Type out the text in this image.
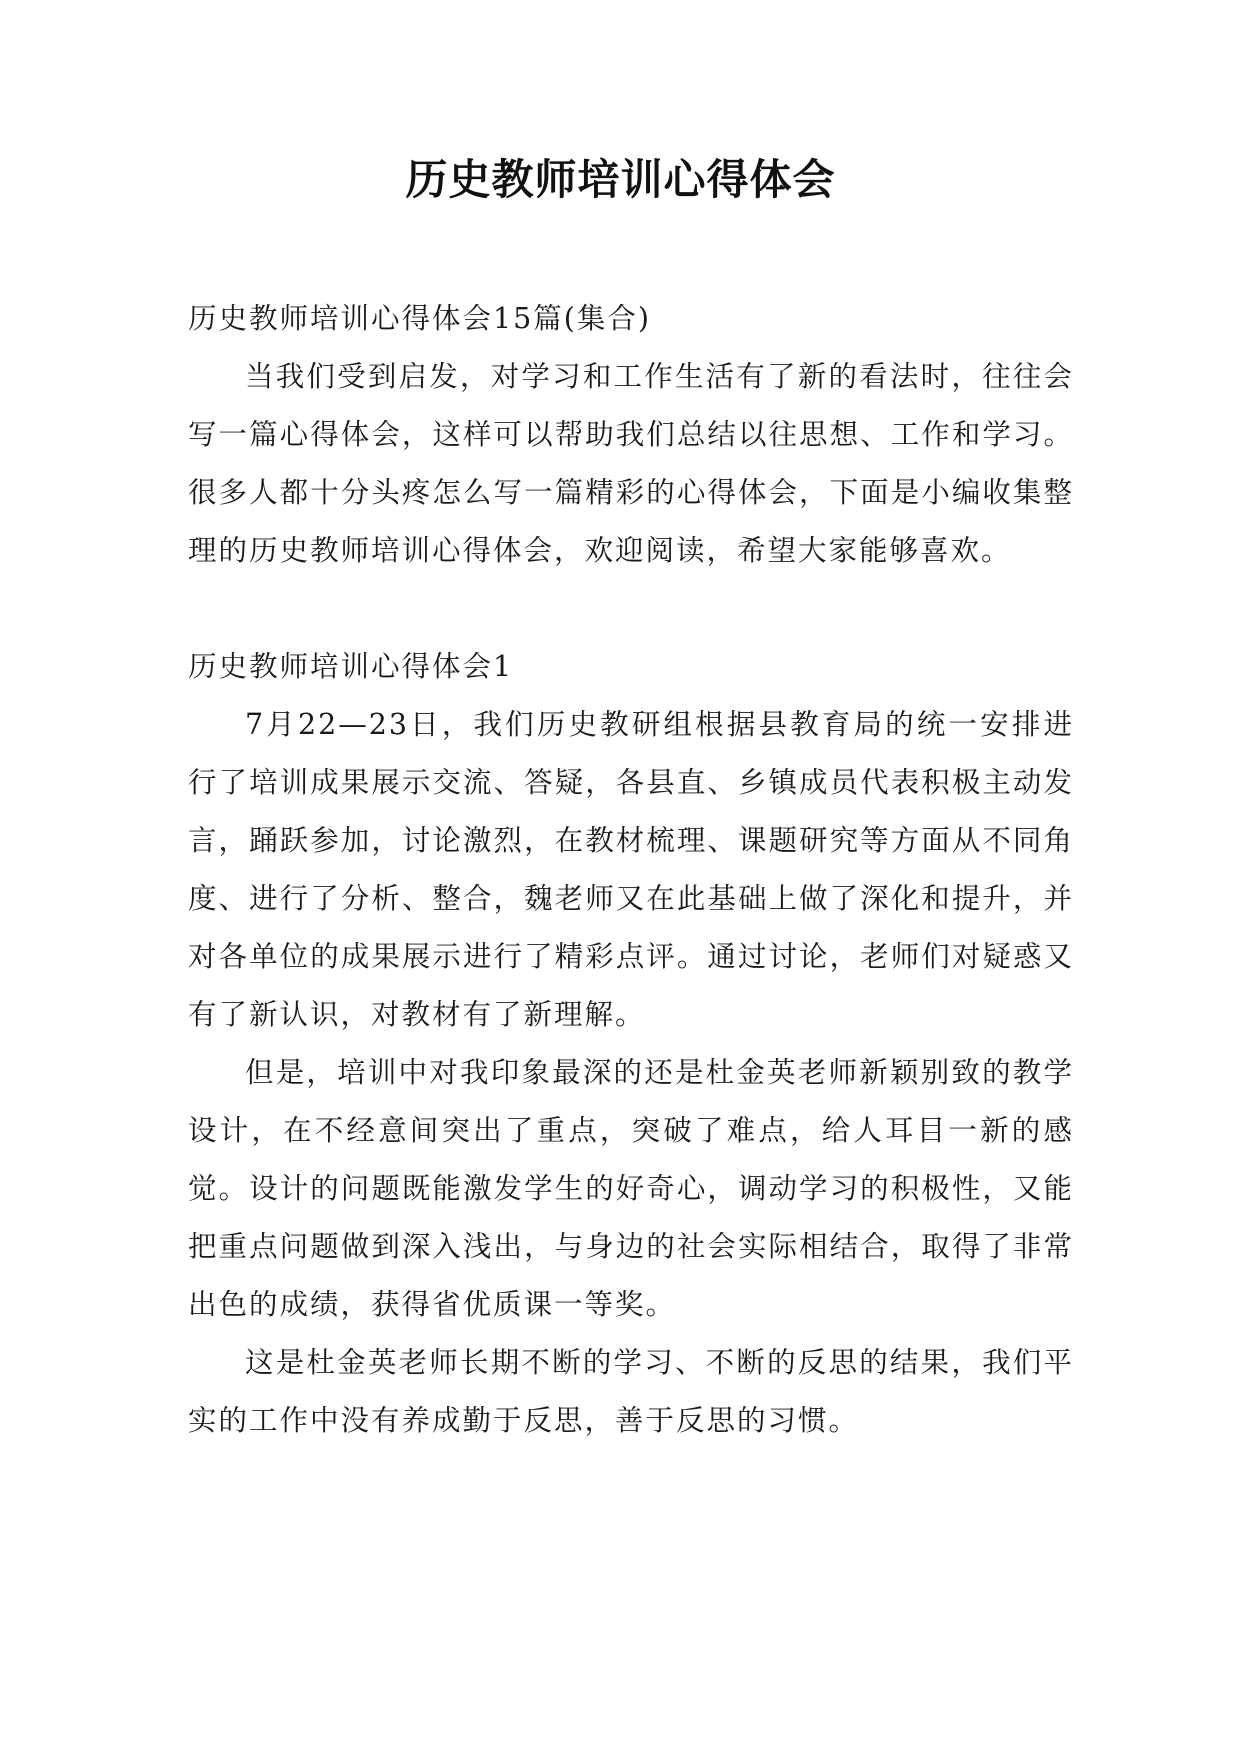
历史教师培训心得体会

历史教师培训心得体会15篇(集合)

当我们受到启发，对学习和工作生活有了新的看法时，往往会写一篇心得体会，这样可以帮助我们总结以往思想、工作和学习。很多人都十分头疼怎么写一篇精彩的心得体会，下面是小编收集整理的历史教师培训心得体会，欢迎阅读，希望大家能够喜欢。

历史教师培训心得体会1

7月22—23日，我们历史教研组根据县教育局的统一安排进行了培训成果展示交流、答疑，各县直、乡镇成员代表积极主动发言，踊跃参加，讨论激烈，在教材梳理、课题研究等方面从不同角度、进行了分析、整合，魏老师又在此基础上做了深化和提升，并对各单位的成果展示进行了精彩点评。通过讨论，老师们对疑惑又有了新认识，对教材有了新理解。

但是，培训中对我印象最深的还是杜金英老师新颖别致的教学设计，在不经意间突出了重点，突破了难点，给人耳目一新的感觉。设计的问题既能激发学生的好奇心，调动学习的积极性，又能把重点问题做到深入浅出，与身边的社会实际相结合，取得了非常出色的成绩，获得省优质课一等奖。

这是杜金英老师长期不断的学习、不断的反思的结果，我们平实的工作中没有养成勤于反思，善于反思的习惯。
